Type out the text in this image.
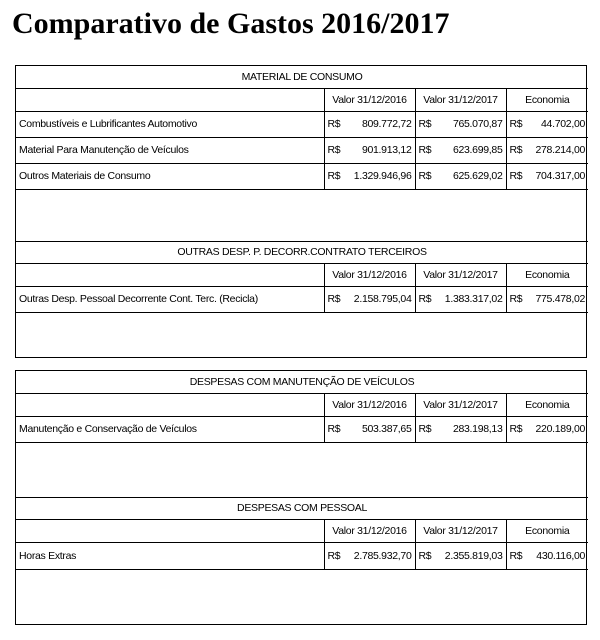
Comparativo de Gastos 2016/2017
MATERIAL DE CONSUMO						
	Valor 31/12/2016		Valor 31/12/2017		Economia	
Combustíveis e Lubrificantes Automotivo	R$	809.772,72	R$	765.070,87	R$	44.702,00
Material Para Manutenção de Veículos	R$	901.913,12	R$	623.699,85	R$	278.214,00
Outros Materiais de Consumo	R$	1.329.946,96	R$	625.629,02	R$	704.317,00

OUTRAS DESP. P. DECORR.CONTRATO TERCEIROS						
	Valor 31/12/2016		Valor 31/12/2017		Economia	
Outras Desp. Pessoal Decorrente Cont. Terc. (Recicla)	R$	2.158.795,04	R$	1.383.317,02	R$	775.478,02
DESPESAS COM MANUTENÇÃO DE VEÍCULOS						
	Valor 31/12/2016		Valor 31/12/2017		Economia	
Manutenção e Conservação de Veículos	R$	503.387,65	R$	283.198,13	R$	220.189,00

DESPESAS COM PESSOAL						
	Valor 31/12/2016		Valor 31/12/2017		Economia	
Horas Extras	R$	2.785.932,70	R$	2.355.819,03	R$	430.116,00
